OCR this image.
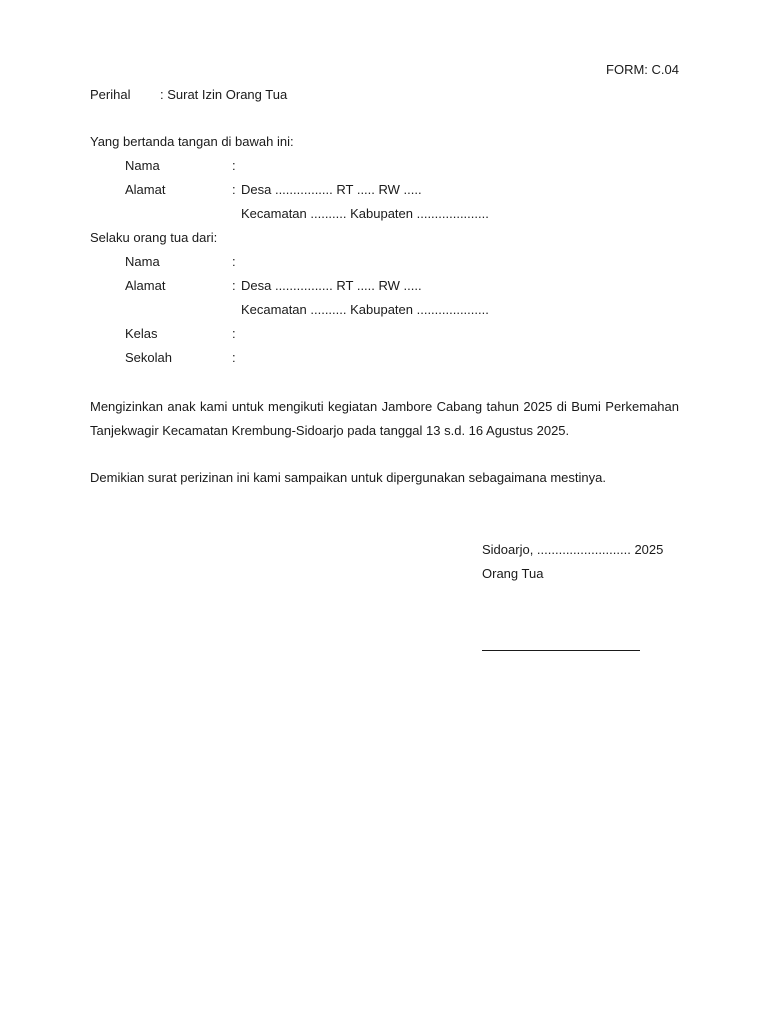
FORM: C.04
Perihal : Surat Izin Orang Tua
Yang bertanda tangan di bawah ini:
Nama	:
Alamat	: Desa ................ RT ..... RW .....
Kecamatan .......... Kabupaten ....................
Selaku orang tua dari:
Nama	:
Alamat	: Desa ................ RT ..... RW .....
Kecamatan .......... Kabupaten ....................
Kelas	:
Sekolah	:
Mengizinkan anak kami untuk mengikuti kegiatan Jambore Cabang tahun 2025 di Bumi Perkemahan Tanjekwagir Kecamatan Krembung-Sidoarjo pada tanggal 13 s.d. 16 Agustus 2025.
Demikian surat perizinan ini kami sampaikan untuk dipergunakan sebagaimana mestinya.
Sidoarjo, .......................... 2025
Orang Tua
